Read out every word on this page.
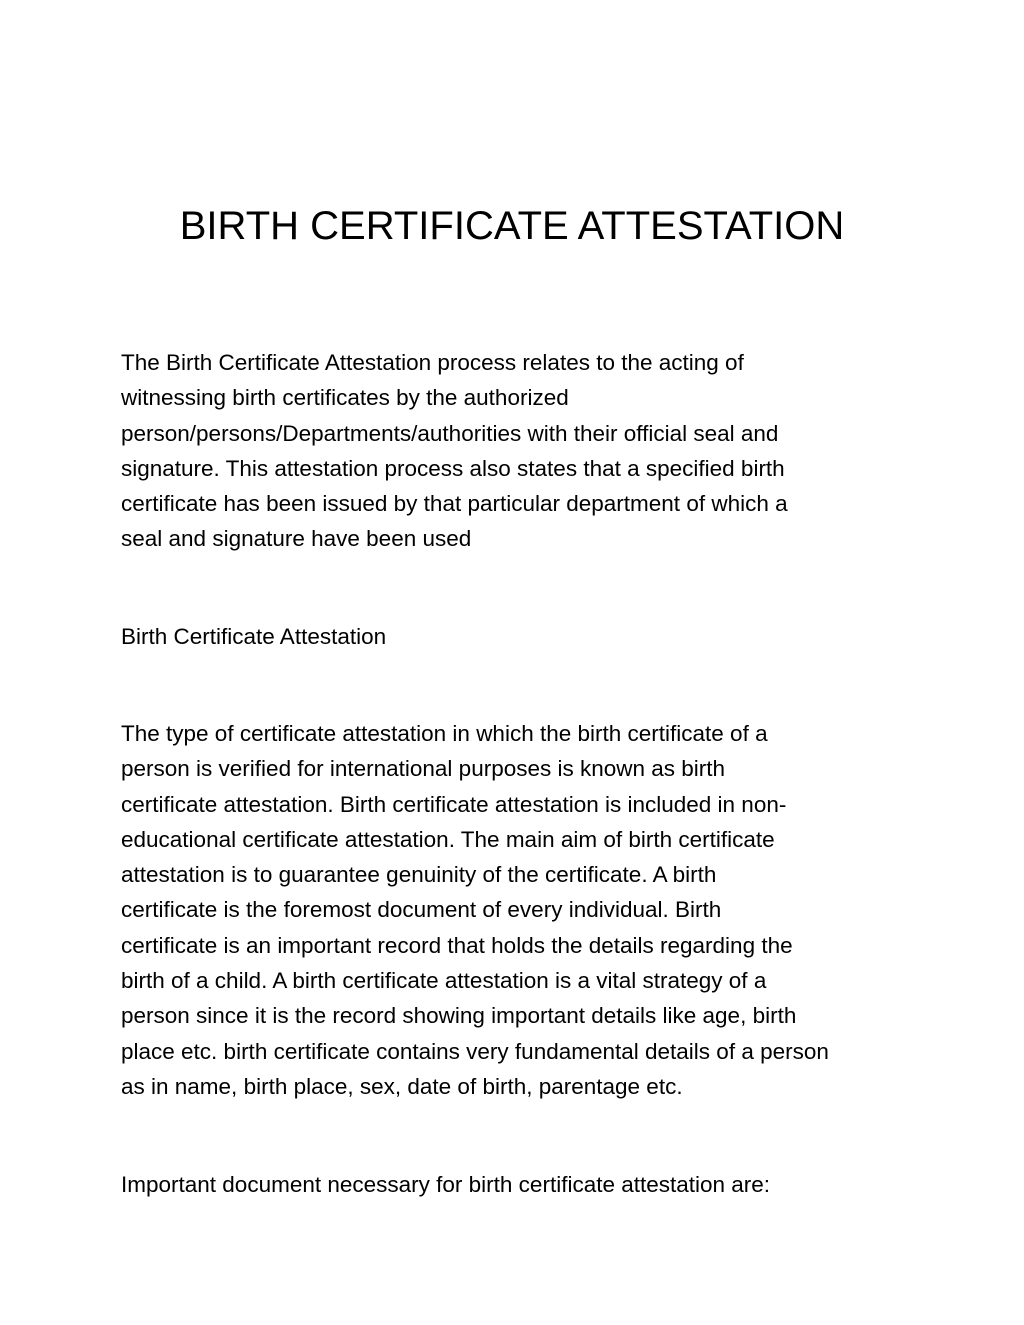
BIRTH CERTIFICATE ATTESTATION

The Birth Certificate Attestation process relates to the acting of
witnessing birth certificates by the authorized
person/persons/Departments/authorities with their official seal and
signature. This attestation process also states that a specified birth
certificate has been issued by that particular department of which a
seal and signature have been used

Birth Certificate Attestation

The type of certificate attestation in which the birth certificate of a
person is verified for international purposes is known as birth
certificate attestation. Birth certificate attestation is included in non-
educational certificate attestation. The main aim of birth certificate
attestation is to guarantee genuinity of the certificate. A birth
certificate is the foremost document of every individual. Birth
certificate is an important record that holds the details regarding the
birth of a child. A birth certificate attestation is a vital strategy of a
person since it is the record showing important details like age, birth
place etc. birth certificate contains very fundamental details of a person
as in name, birth place, sex, date of birth, parentage etc.

Important document necessary for birth certificate attestation are:
